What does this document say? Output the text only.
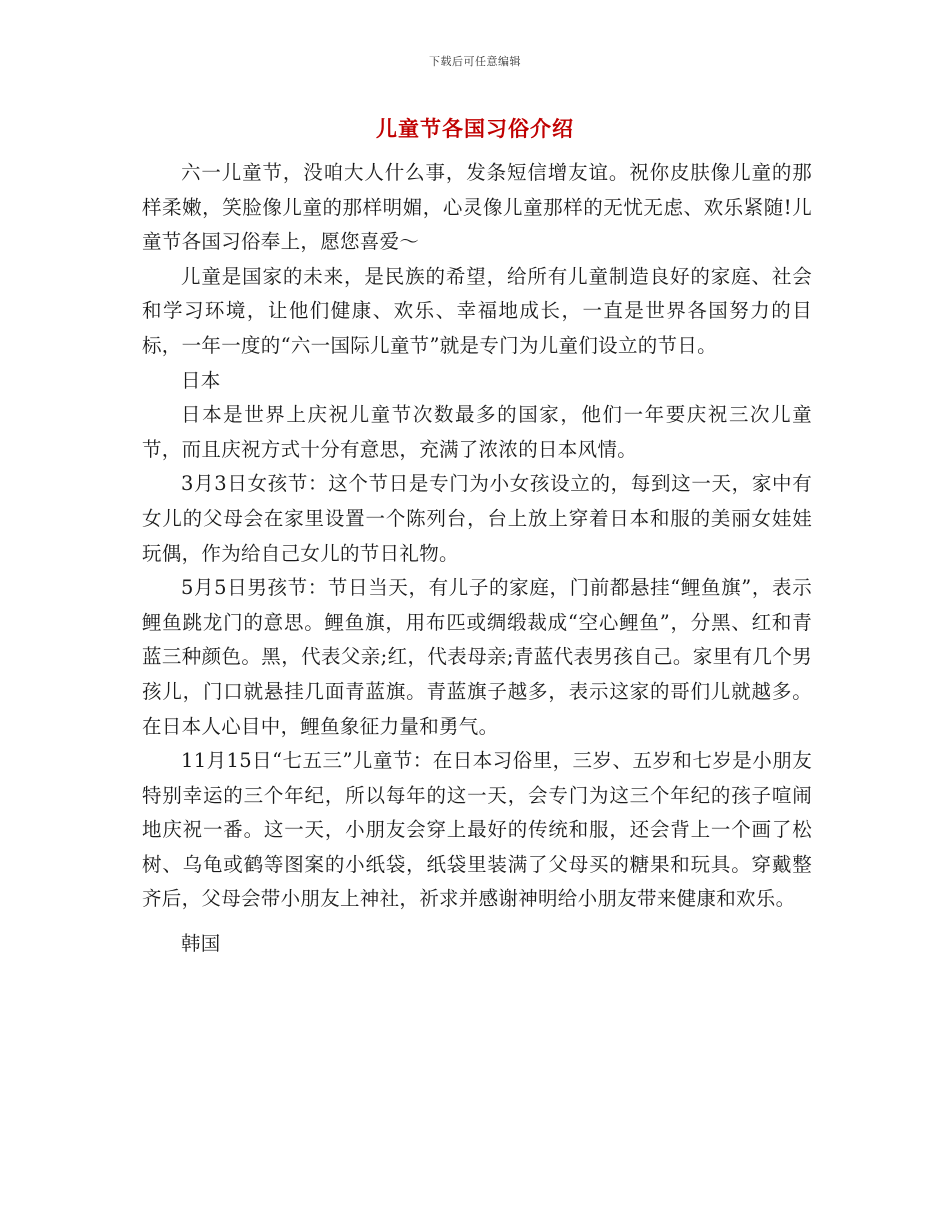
下载后可任意编辑
儿童节各国习俗介绍

六一儿童节，没咱大人什么事，发条短信增友谊。祝你皮肤像儿童的那样柔嫩，笑脸像儿童的那样明媚，心灵像儿童那样的无忧无虑、欢乐紧随!儿童节各国习俗奉上，愿您喜爱～

儿童是国家的未来，是民族的希望，给所有儿童制造良好的家庭、社会和学习环境，让他们健康、欢乐、幸福地成长，一直是世界各国努力的目标，一年一度的“六一国际儿童节”就是专门为儿童们设立的节日。

日本

日本是世界上庆祝儿童节次数最多的国家，他们一年要庆祝三次儿童节，而且庆祝方式十分有意思，充满了浓浓的日本风情。

3月3日女孩节：这个节日是专门为小女孩设立的，每到这一天，家中有女儿的父母会在家里设置一个陈列台，台上放上穿着日本和服的美丽女娃娃玩偶，作为给自己女儿的节日礼物。

5月5日男孩节：节日当天，有儿子的家庭，门前都悬挂“鲤鱼旗”，表示鲤鱼跳龙门的意思。鲤鱼旗，用布匹或绸缎裁成“空心鲤鱼”，分黑、红和青蓝三种颜色。黑，代表父亲;红，代表母亲;青蓝代表男孩自己。家里有几个男孩儿，门口就悬挂几面青蓝旗。青蓝旗子越多，表示这家的哥们儿就越多。在日本人心目中，鲤鱼象征力量和勇气。

11月15日“七五三”儿童节：在日本习俗里，三岁、五岁和七岁是小朋友特别幸运的三个年纪，所以每年的这一天，会专门为这三个年纪的孩子喧闹地庆祝一番。这一天，小朋友会穿上最好的传统和服，还会背上一个画了松树、乌龟或鹤等图案的小纸袋，纸袋里装满了父母买的糖果和玩具。穿戴整齐后，父母会带小朋友上神社，祈求并感谢神明给小朋友带来健康和欢乐。

韩国
